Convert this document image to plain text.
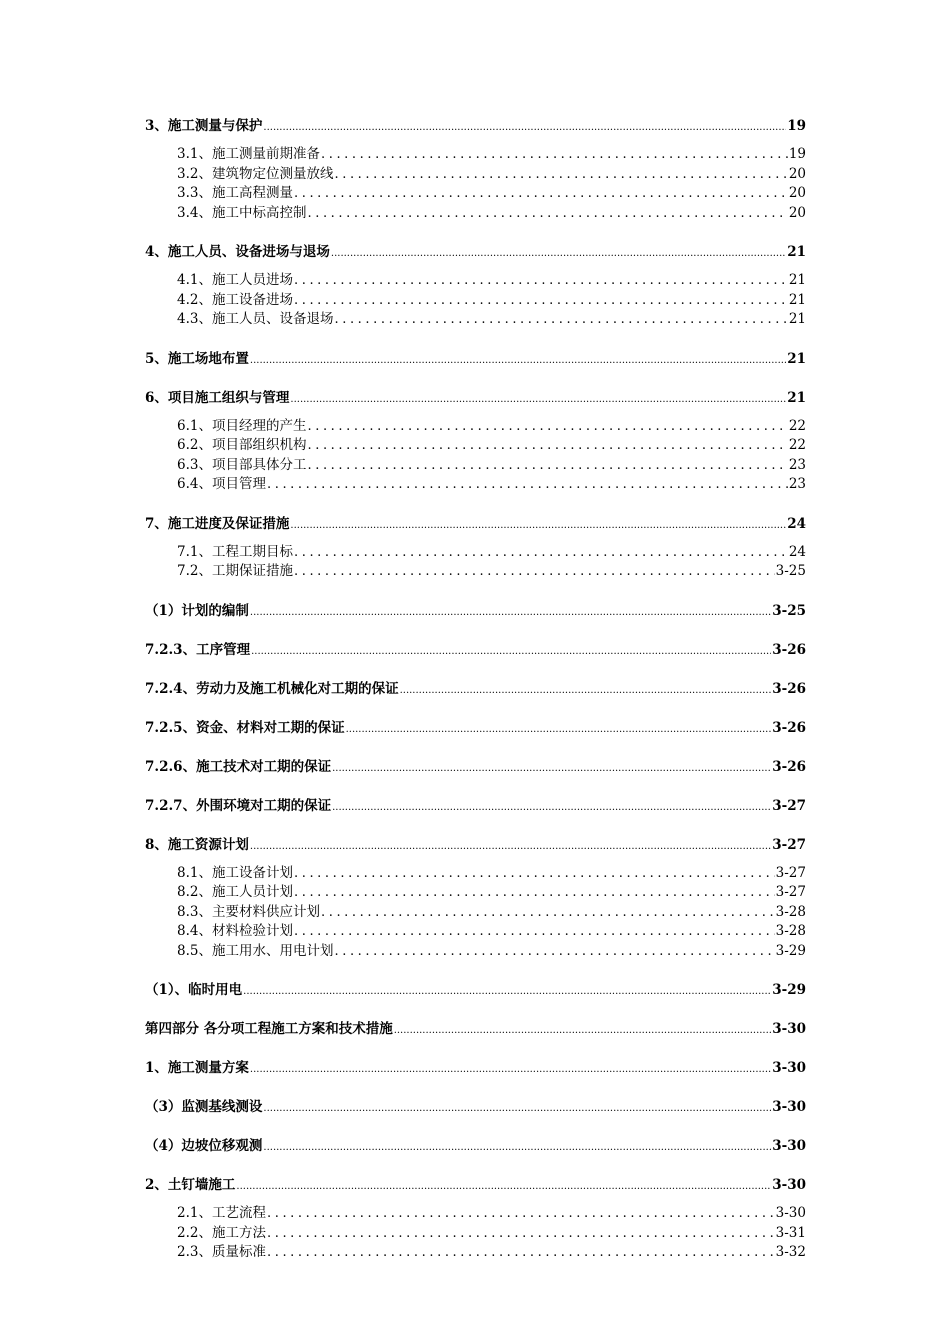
3、施工测量与保护 .....	19
3.1、施工测量前期准备 .....	19
3.2、建筑物定位测量放线 .....	20
3.3、施工高程测量 .....	20
3.4、施工中标高控制 .....	20
4、施工人员、设备进场与退场 .....	21
4.1、施工人员进场 .....	21
4.2、施工设备进场 .....	21
4.3、施工人员、设备退场 .....	21
5、施工场地布置 .....	21
6、项目施工组织与管理 .....	21
6.1、项目经理的产生 .....	22
6.2、项目部组织机构 .....	22
6.3、项目部具体分工 .....	23
6.4、项目管理 .....	23
7、施工进度及保证措施 .....	24
7.1、工程工期目标 .....	24
7.2、工期保证措施 .....	3-25
（1）计划的编制 .....	3-25
7.2.3、工序管理 .....	3-26
7.2.4、劳动力及施工机械化对工期的保证 .....	3-26
7.2.5、资金、材料对工期的保证 .....	3-26
7.2.6、施工技术对工期的保证 .....	3-26
7.2.7、外围环境对工期的保证 .....	3-27
8、施工资源计划 .....	3-27
8.1、施工设备计划 .....	3-27
8.2、施工人员计划 .....	3-27
8.3、主要材料供应计划 .....	3-28
8.4、材料检验计划 .....	3-28
8.5、施工用水、用电计划 .....	3-29
（1）、临时用电 .....	3-29
第四部分 各分项工程施工方案和技术措施 .....	3-30
1、施工测量方案 .....	3-30
（3）监测基线测设 .....	3-30
（4）边坡位移观测 .....	3-30
2、土钉墙施工 .....	3-30
2.1、工艺流程 .....	3-30
2.2、施工方法 .....	3-31
2.3、质量标准 .....	3-32
